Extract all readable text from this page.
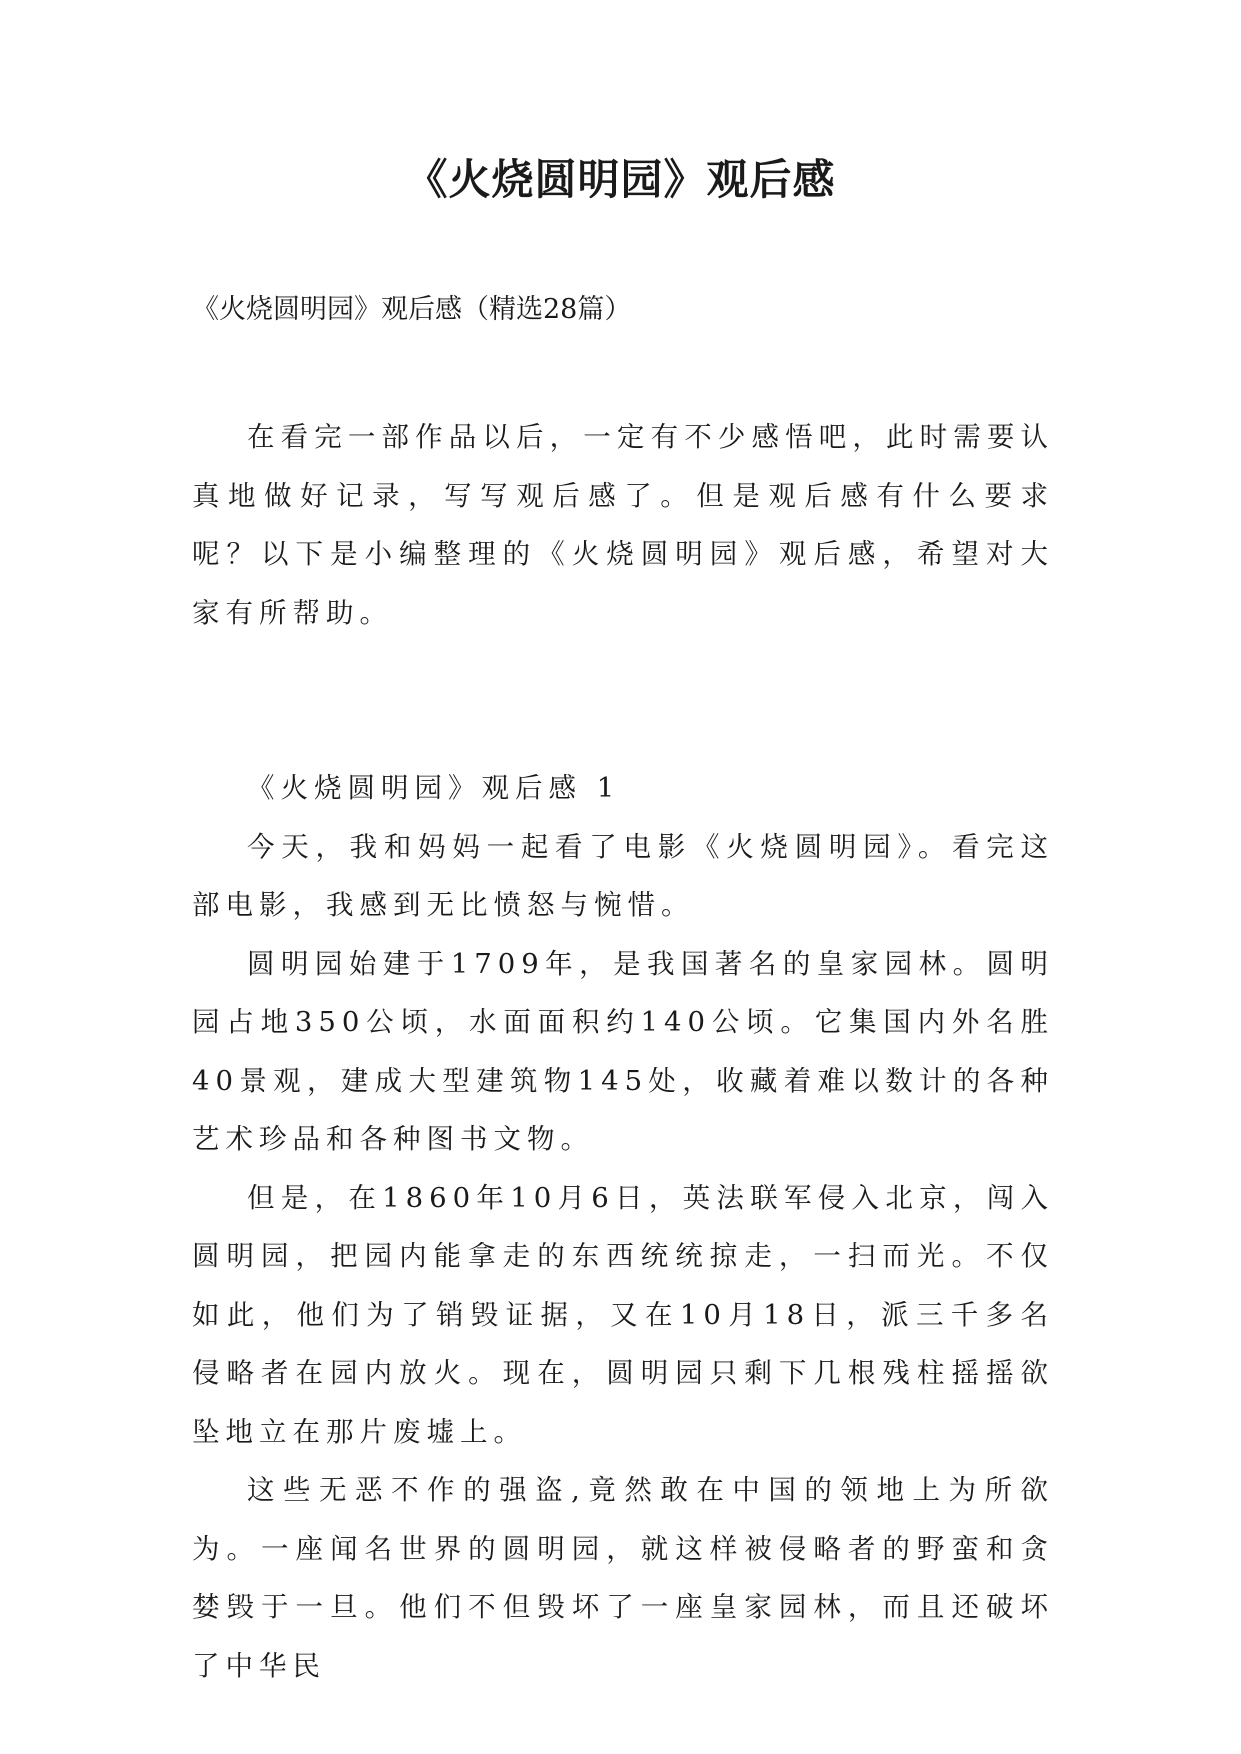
《火烧圆明园》观后感
《火烧圆明园》观后感（精选28篇）

在看完一部作品以后，一定有不少感悟吧，此时需要认真地做好记录，写写观后感了。但是观后感有什么要求呢？以下是小编整理的《火烧圆明园》观后感，希望对大家有所帮助。

《火烧圆明园》观后感 1

今天，我和妈妈一起看了电影《火烧圆明园》。看完这部电影，我感到无比愤怒与惋惜。

圆明园始建于1709年，是我国著名的皇家园林。圆明园占地350公顷，水面面积约140公顷。它集国内外名胜40景观，建成大型建筑物145处，收藏着难以数计的各种艺术珍品和各种图书文物。

但是，在1860年10月6日，英法联军侵入北京，闯入圆明园，把园内能拿走的东西统统掠走，一扫而光。不仅如此，他们为了销毁证据，又在10月18日，派三千多名侵略者在园内放火。现在，圆明园只剩下几根残柱摇摇欲坠地立在那片废墟上。

这些无恶不作的强盗,竟然敢在中国的领地上为所欲为。一座闻名世界的圆明园，就这样被侵略者的野蛮和贪婪毁于一旦。他们不但毁坏了一座皇家园林，而且还破坏了中华民
